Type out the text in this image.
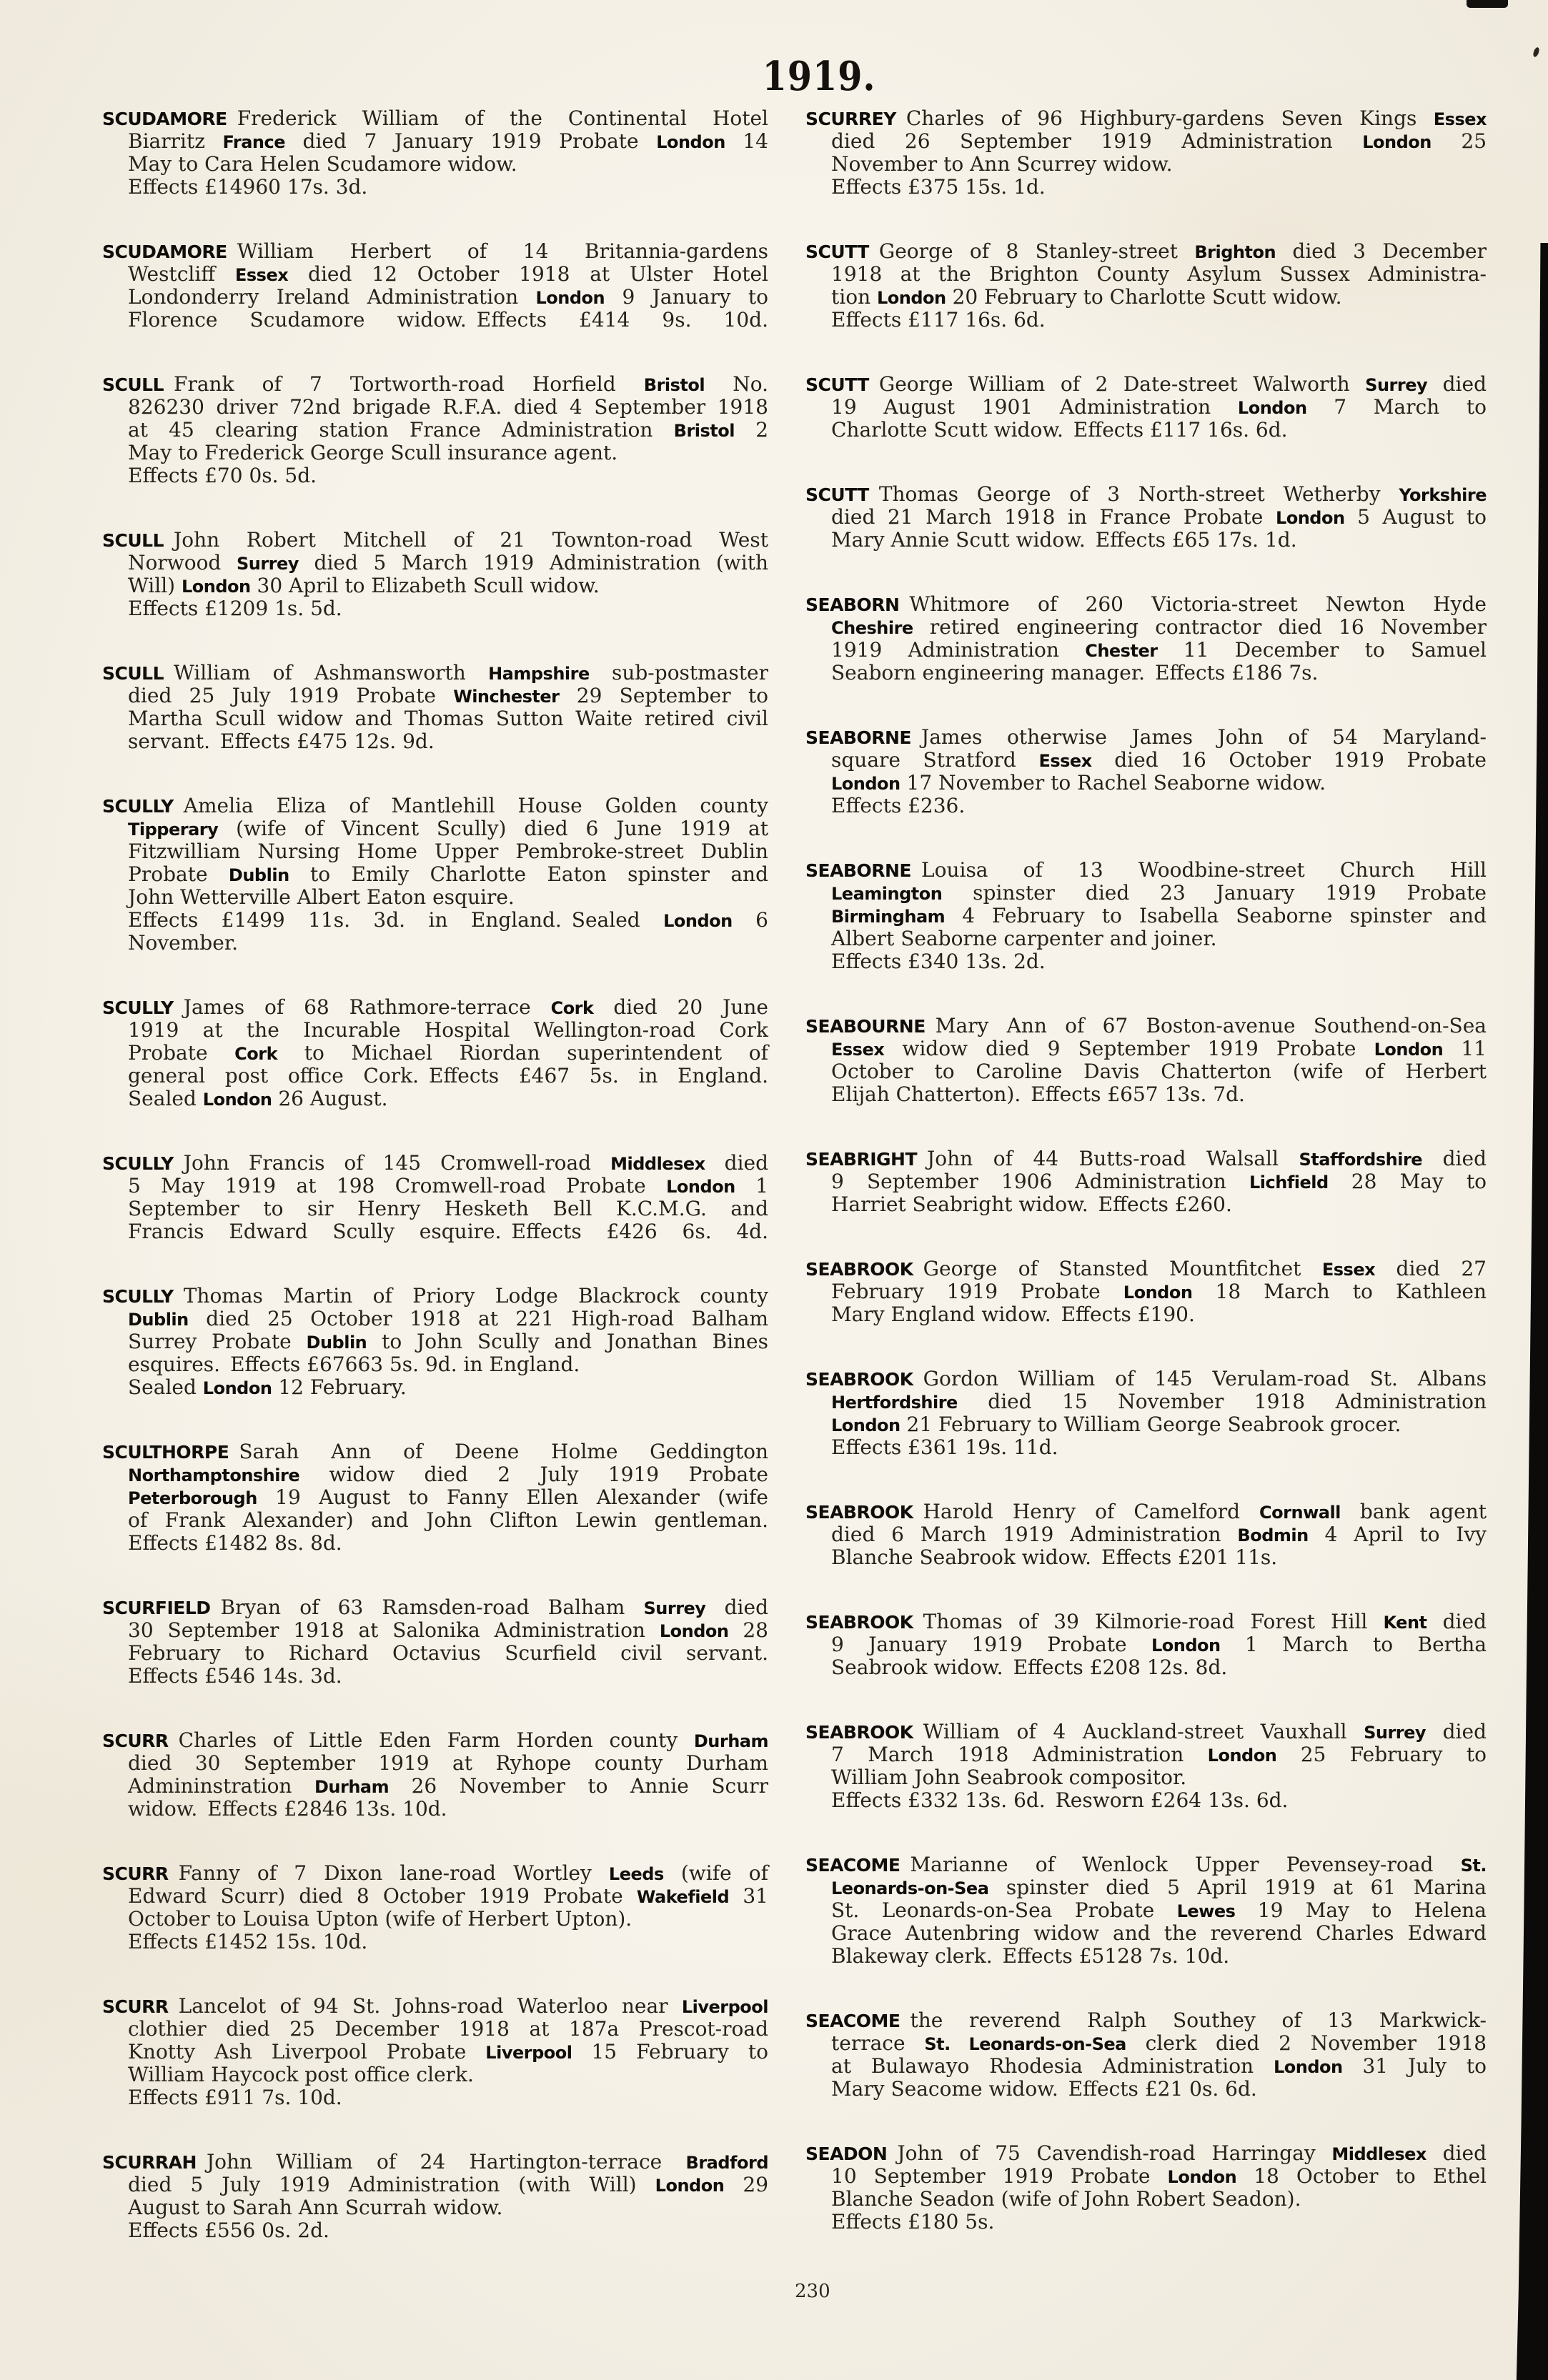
1919.
SCUDAMORE Frederick William of the Continental Hotel
Biarritz France died 7 January 1919 Probate London 14
May to Cara Helen Scudamore widow.
Effects £14960 17s. 3d.
SCUDAMORE William Herbert of 14 Britannia-gardens
Westcliff Essex died 12 October 1918 at Ulster Hotel
Londonderry Ireland Administration London 9 January to
Florence Scudamore widow. Effects £414 9s. 10d.
SCULL Frank of 7 Tortworth-road Horfield Bristol No.
826230 driver 72nd brigade R.F.A. died 4 September 1918
at 45 clearing station France Administration Bristol 2
May to Frederick George Scull insurance agent.
Effects £70 0s. 5d.
SCULL John Robert Mitchell of 21 Townton-road West
Norwood Surrey died 5 March 1919 Administration (with
Will) London 30 April to Elizabeth Scull widow.
Effects £1209 1s. 5d.
SCULL William of Ashmansworth Hampshire sub-postmaster
died 25 July 1919 Probate Winchester 29 September to
Martha Scull widow and Thomas Sutton Waite retired civil
servant. Effects £475 12s. 9d.
SCULLY Amelia Eliza of Mantlehill House Golden county
Tipperary (wife of Vincent Scully) died 6 June 1919 at
Fitzwilliam Nursing Home Upper Pembroke-street Dublin
Probate Dublin to Emily Charlotte Eaton spinster and
John Wetterville Albert Eaton esquire.
Effects £1499 11s. 3d. in England. Sealed London 6
November.
SCULLY James of 68 Rathmore-terrace Cork died 20 June
1919 at the Incurable Hospital Wellington-road Cork
Probate Cork to Michael Riordan superintendent of
general post office Cork. Effects £467 5s. in England.
Sealed London 26 August.
SCULLY John Francis of 145 Cromwell-road Middlesex died
5 May 1919 at 198 Cromwell-road Probate London 1
September to sir Henry Hesketh Bell K.C.M.G. and
Francis Edward Scully esquire. Effects £426 6s. 4d.
SCULLY Thomas Martin of Priory Lodge Blackrock county
Dublin died 25 October 1918 at 221 High-road Balham
Surrey Probate Dublin to John Scully and Jonathan Bines
esquires. Effects £67663 5s. 9d. in England.
Sealed London 12 February.
SCULTHORPE Sarah Ann of Deene Holme Geddington
Northamptonshire widow died 2 July 1919 Probate
Peterborough 19 August to Fanny Ellen Alexander (wife
of Frank Alexander) and John Clifton Lewin gentleman.
Effects £1482 8s. 8d.
SCURFIELD Bryan of 63 Ramsden-road Balham Surrey died
30 September 1918 at Salonika Administration London 28
February to Richard Octavius Scurfield civil servant.
Effects £546 14s. 3d.
SCURR Charles of Little Eden Farm Horden county Durham
died 30 September 1919 at Ryhope county Durham
Admininstration Durham 26 November to Annie Scurr
widow. Effects £2846 13s. 10d.
SCURR Fanny of 7 Dixon lane-road Wortley Leeds (wife of
Edward Scurr) died 8 October 1919 Probate Wakefield 31
October to Louisa Upton (wife of Herbert Upton).
Effects £1452 15s. 10d.
SCURR Lancelot of 94 St. Johns-road Waterloo near Liverpool
clothier died 25 December 1918 at 187a Prescot-road
Knotty Ash Liverpool Probate Liverpool 15 February to
William Haycock post office clerk.
Effects £911 7s. 10d.
SCURRAH John William of 24 Hartington-terrace Bradford
died 5 July 1919 Administration (with Will) London 29
August to Sarah Ann Scurrah widow.
Effects £556 0s. 2d.
SCURREY Charles of 96 Highbury-gardens Seven Kings Essex
died 26 September 1919 Administration London 25
November to Ann Scurrey widow.
Effects £375 15s. 1d.
SCUTT George of 8 Stanley-street Brighton died 3 December
1918 at the Brighton County Asylum Sussex Administra-
tion London 20 February to Charlotte Scutt widow.
Effects £117 16s. 6d.
SCUTT George William of 2 Date-street Walworth Surrey died
19 August 1901 Administration London 7 March to
Charlotte Scutt widow. Effects £117 16s. 6d.
SCUTT Thomas George of 3 North-street Wetherby Yorkshire
died 21 March 1918 in France Probate London 5 August to
Mary Annie Scutt widow. Effects £65 17s. 1d.
SEABORN Whitmore of 260 Victoria-street Newton Hyde
Cheshire retired engineering contractor died 16 November
1919 Administration Chester 11 December to Samuel
Seaborn engineering manager. Effects £186 7s.
SEABORNE James otherwise James John of 54 Maryland-
square Stratford Essex died 16 October 1919 Probate
London 17 November to Rachel Seaborne widow.
Effects £236.
SEABORNE Louisa of 13 Woodbine-street Church Hill
Leamington spinster died 23 January 1919 Probate
Birmingham 4 February to Isabella Seaborne spinster and
Albert Seaborne carpenter and joiner.
Effects £340 13s. 2d.
SEABOURNE Mary Ann of 67 Boston-avenue Southend-on-Sea
Essex widow died 9 September 1919 Probate London 11
October to Caroline Davis Chatterton (wife of Herbert
Elijah Chatterton). Effects £657 13s. 7d.
SEABRIGHT John of 44 Butts-road Walsall Staffordshire died
9 September 1906 Administration Lichfield 28 May to
Harriet Seabright widow. Effects £260.
SEABROOK George of Stansted Mountfitchet Essex died 27
February 1919 Probate London 18 March to Kathleen
Mary England widow. Effects £190.
SEABROOK Gordon William of 145 Verulam-road St. Albans
Hertfordshire died 15 November 1918 Administration
London 21 February to William George Seabrook grocer.
Effects £361 19s. 11d.
SEABROOK Harold Henry of Camelford Cornwall bank agent
died 6 March 1919 Administration Bodmin 4 April to Ivy
Blanche Seabrook widow. Effects £201 11s.
SEABROOK Thomas of 39 Kilmorie-road Forest Hill Kent died
9 January 1919 Probate London 1 March to Bertha
Seabrook widow. Effects £208 12s. 8d.
SEABROOK William of 4 Auckland-street Vauxhall Surrey died
7 March 1918 Administration London 25 February to
William John Seabrook compositor.
Effects £332 13s. 6d. Resworn £264 13s. 6d.
SEACOME Marianne of Wenlock Upper Pevensey-road St.
Leonards-on-Sea spinster died 5 April 1919 at 61 Marina
St. Leonards-on-Sea Probate Lewes 19 May to Helena
Grace Autenbring widow and the reverend Charles Edward
Blakeway clerk. Effects £5128 7s. 10d.
SEACOME the reverend Ralph Southey of 13 Markwick-
terrace St. Leonards-on-Sea clerk died 2 November 1918
at Bulawayo Rhodesia Administration London 31 July to
Mary Seacome widow. Effects £21 0s. 6d.
SEADON John of 75 Cavendish-road Harringay Middlesex died
10 September 1919 Probate London 18 October to Ethel
Blanche Seadon (wife of John Robert Seadon).
Effects £180 5s.
230
